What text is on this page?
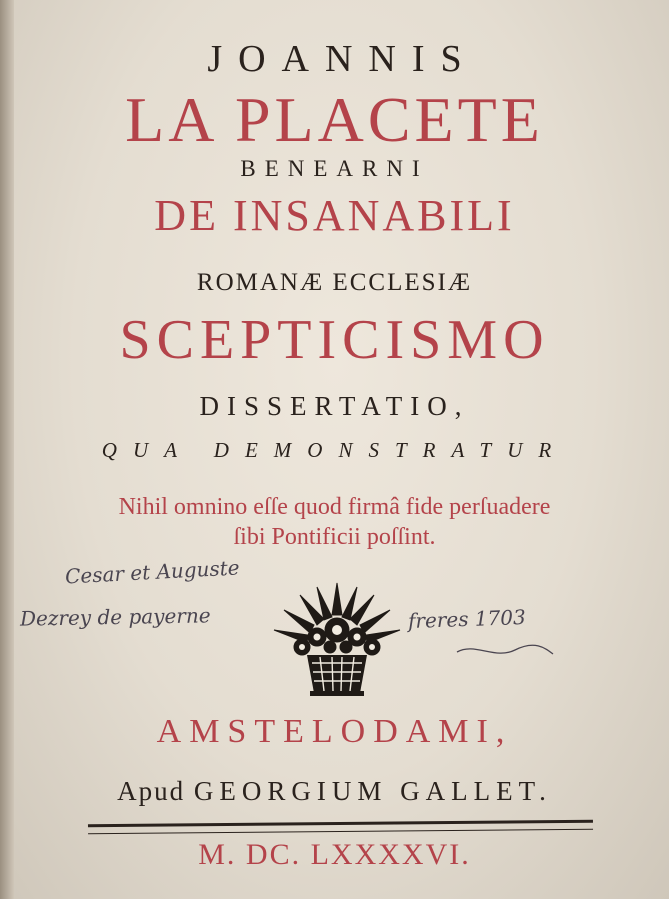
JOANNIS
LA PLACETE
BENEARNI
DE INSANABILI
ROMANÆ ECCLESIÆ
SCEPTICISMO
DISSERTATIO,
QUA DEMONSTRATUR
Nihil omnino eſſe quod firmâ fide perſuadere
ſibi Pontificii poſſint.
Cesar et Auguste
Dezrey de payerne	freres 1703
AMSTELODAMI,
Apud GEORGIUM GALLET.
M. DC. LXXXXVI.
